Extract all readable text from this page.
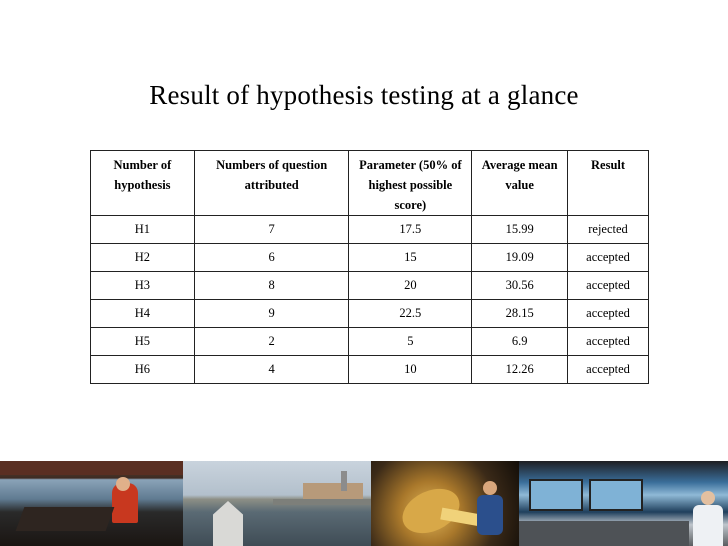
Result of hypothesis testing at a glance
Number of hypothesis	Numbers of question attributed	Parameter (50% of highest possible score)	Average mean value	Result
H1	7	17.5	15.99	rejected
H2	6	15	19.09	accepted
H3	8	20	30.56	accepted
H4	9	22.5	28.15	accepted
H5	2	5	6.9	accepted
H6	4	10	12.26	accepted
